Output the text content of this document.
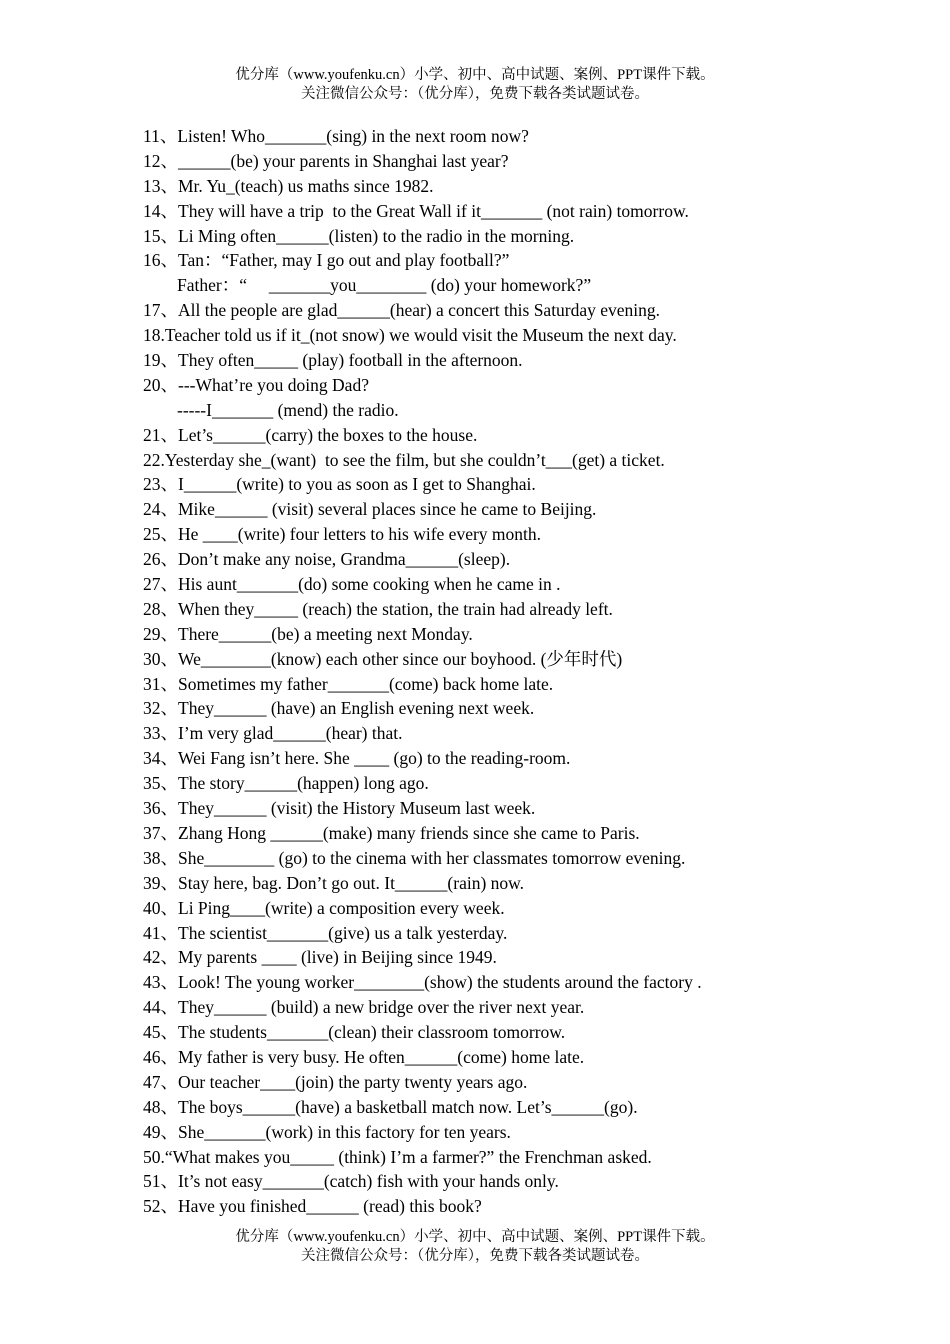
优分库（www.youfenku.cn）小学、初中、高中试题、案例、PPT课件下载。
关注微信公众号：（优分库），免费下载各类试题试卷。
11、Listen! Who_______(sing) in the next room now?
12、______(be) your parents in Shanghai last year?
13、Mr. Yu_(teach) us maths since 1982.
14、They will have a trip  to the Great Wall if it_______ (not rain) tomorrow.
15、Li Ming often______(listen) to the radio in the morning.
16、Tan：“Father, may I go out and play football?”
Father：“     _______you________ (do) your homework?”
17、All the people are glad______(hear) a concert this Saturday evening.
18.Teacher told us if it_(not snow) we would visit the Museum the next day.
19、They often_____ (play) football in the afternoon.
20、---What’re you doing Dad?
-----I_______ (mend) the radio.
21、Let’s______(carry) the boxes to the house.
22.Yesterday she_(want)  to see the film, but she couldn’t___(get) a ticket.
23、I______(write) to you as soon as I get to Shanghai.
24、Mike______ (visit) several places since he came to Beijing.
25、He ____(write) four letters to his wife every month.
26、Don’t make any noise, Grandma______(sleep).
27、His aunt_______(do) some cooking when he came in .
28、When they_____ (reach) the station, the train had already left.
29、There______(be) a meeting next Monday.
30、We________(know) each other since our boyhood. (少年时代)
31、Sometimes my father_______(come) back home late.
32、They______ (have) an English evening next week.
33、I’m very glad______(hear) that.
34、Wei Fang isn’t here. She ____ (go) to the reading-room.
35、The story______(happen) long ago.
36、They______ (visit) the History Museum last week.
37、Zhang Hong ______(make) many friends since she came to Paris.
38、She________ (go) to the cinema with her classmates tomorrow evening.
39、Stay here, bag. Don’t go out. It______(rain) now.
40、Li Ping____(write) a composition every week.
41、The scientist_______(give) us a talk yesterday.
42、My parents ____ (live) in Beijing since 1949.
43、Look! The young worker________(show) the students around the factory .
44、They______ (build) a new bridge over the river next year.
45、The students_______(clean) their classroom tomorrow.
46、My father is very busy. He often______(come) home late.
47、Our teacher____(join) the party twenty years ago.
48、The boys______(have) a basketball match now. Let’s______(go).
49、She_______(work) in this factory for ten years.
50.“What makes you_____ (think) I’m a farmer?” the Frenchman asked.
51、It’s not easy_______(catch) fish with your hands only.
52、Have you finished______ (read) this book?
优分库（www.youfenku.cn）小学、初中、高中试题、案例、PPT课件下载。
关注微信公众号：（优分库），免费下载各类试题试卷。
